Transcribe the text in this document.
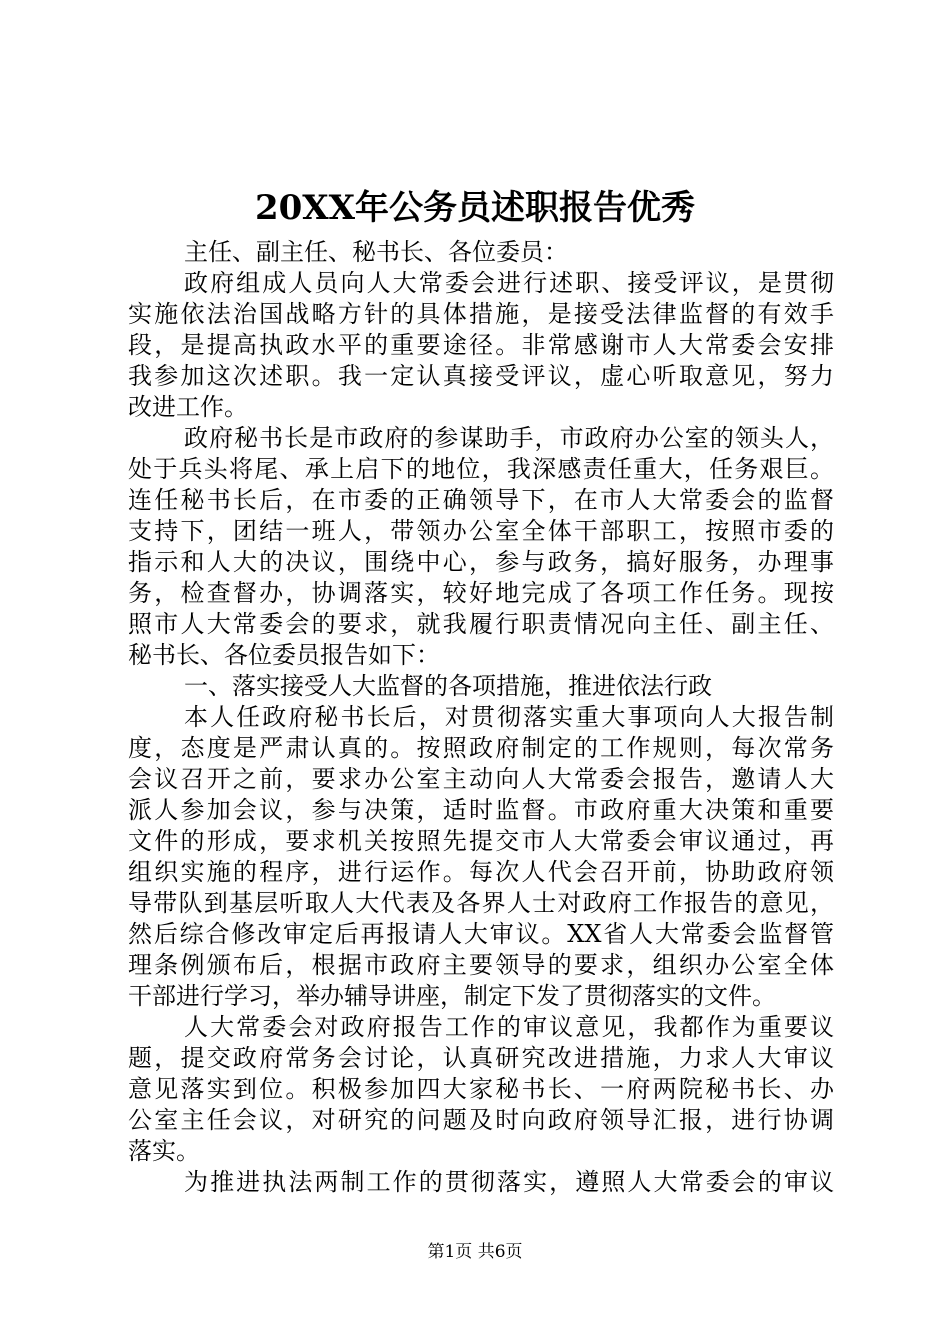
20XX年公务员述职报告优秀
主任、副主任、秘书长、各位委员：
政府组成人员向人大常委会进行述职、接受评议，是贯彻
实施依法治国战略方针的具体措施，是接受法律监督的有效手
段，是提高执政水平的重要途径。非常感谢市人大常委会安排
我参加这次述职。我一定认真接受评议，虚心听取意见，努力
改进工作。
政府秘书长是市政府的参谋助手，市政府办公室的领头人，
处于兵头将尾、承上启下的地位，我深感责任重大，任务艰巨。
连任秘书长后，在市委的正确领导下，在市人大常委会的监督
支持下，团结一班人，带领办公室全体干部职工，按照市委的
指示和人大的决议，围绕中心，参与政务，搞好服务，办理事
务，检查督办，协调落实，较好地完成了各项工作任务。现按
照市人大常委会的要求，就我履行职责情况向主任、副主任、
秘书长、各位委员报告如下：
一、落实接受人大监督的各项措施，推进依法行政
本人任政府秘书长后，对贯彻落实重大事项向人大报告制
度，态度是严肃认真的。按照政府制定的工作规则，每次常务
会议召开之前，要求办公室主动向人大常委会报告，邀请人大
派人参加会议，参与决策，适时监督。市政府重大决策和重要
文件的形成，要求机关按照先提交市人大常委会审议通过，再
组织实施的程序，进行运作。每次人代会召开前，协助政府领
导带队到基层听取人大代表及各界人士对政府工作报告的意见，
然后综合修改审定后再报请人大审议。XX省人大常委会监督管
理条例颁布后，根据市政府主要领导的要求，组织办公室全体
干部进行学习，举办辅导讲座，制定下发了贯彻落实的文件。
人大常委会对政府报告工作的审议意见，我都作为重要议
题，提交政府常务会讨论，认真研究改进措施，力求人大审议
意见落实到位。积极参加四大家秘书长、一府两院秘书长、办
公室主任会议，对研究的问题及时向政府领导汇报，进行协调
落实。
为推进执法两制工作的贯彻落实，遵照人大常委会的审议
第1页 共6页
